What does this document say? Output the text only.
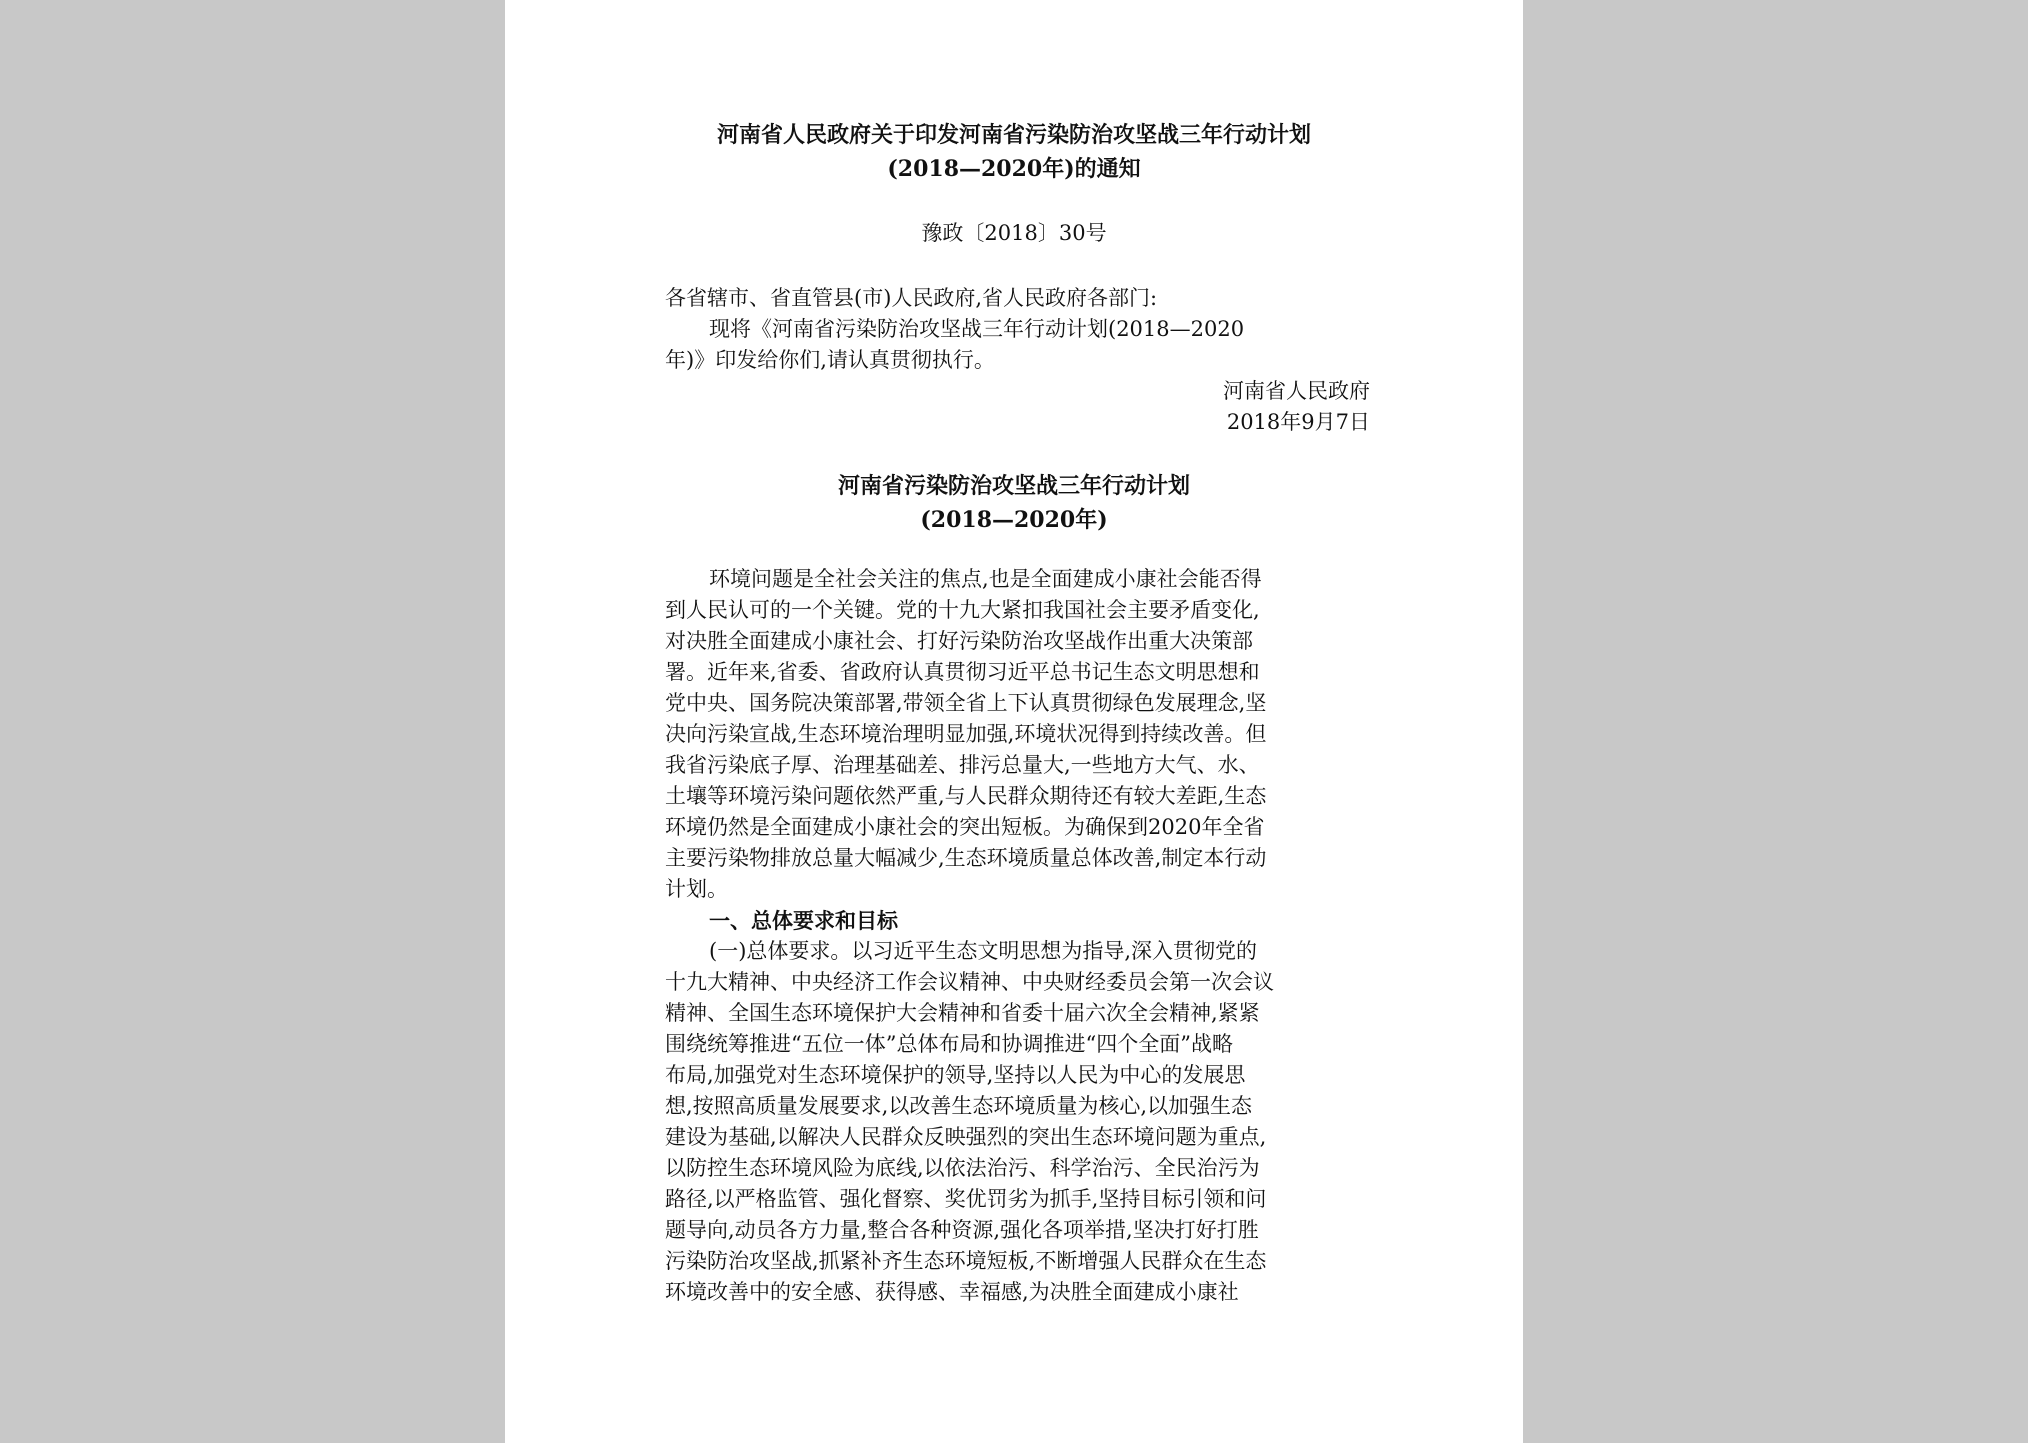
河南省人民政府关于印发河南省污染防治攻坚战三年行动计划
(2018—2020年)的通知
豫政〔2018〕30号
各省辖市、省直管县(市)人民政府,省人民政府各部门:
现将《河南省污染防治攻坚战三年行动计划(2018—2020
年)》印发给你们,请认真贯彻执行。
河南省人民政府
2018年9月7日
河南省污染防治攻坚战三年行动计划
(2018—2020年)
环境问题是全社会关注的焦点,也是全面建成小康社会能否得
到人民认可的一个关键。党的十九大紧扣我国社会主要矛盾变化,
对决胜全面建成小康社会、打好污染防治攻坚战作出重大决策部
署。近年来,省委、省政府认真贯彻习近平总书记生态文明思想和
党中央、国务院决策部署,带领全省上下认真贯彻绿色发展理念,坚
决向污染宣战,生态环境治理明显加强,环境状况得到持续改善。但
我省污染底子厚、治理基础差、排污总量大,一些地方大气、水、
土壤等环境污染问题依然严重,与人民群众期待还有较大差距,生态
环境仍然是全面建成小康社会的突出短板。为确保到2020年全省
主要污染物排放总量大幅减少,生态环境质量总体改善,制定本行动
计划。
一、总体要求和目标
(一)总体要求。以习近平生态文明思想为指导,深入贯彻党的
十九大精神、中央经济工作会议精神、中央财经委员会第一次会议
精神、全国生态环境保护大会精神和省委十届六次全会精神,紧紧
围绕统筹推进“五位一体”总体布局和协调推进“四个全面”战略
布局,加强党对生态环境保护的领导,坚持以人民为中心的发展思
想,按照高质量发展要求,以改善生态环境质量为核心,以加强生态
建设为基础,以解决人民群众反映强烈的突出生态环境问题为重点,
以防控生态环境风险为底线,以依法治污、科学治污、全民治污为
路径,以严格监管、强化督察、奖优罚劣为抓手,坚持目标引领和问
题导向,动员各方力量,整合各种资源,强化各项举措,坚决打好打胜
污染防治攻坚战,抓紧补齐生态环境短板,不断增强人民群众在生态
环境改善中的安全感、获得感、幸福感,为决胜全面建成小康社
